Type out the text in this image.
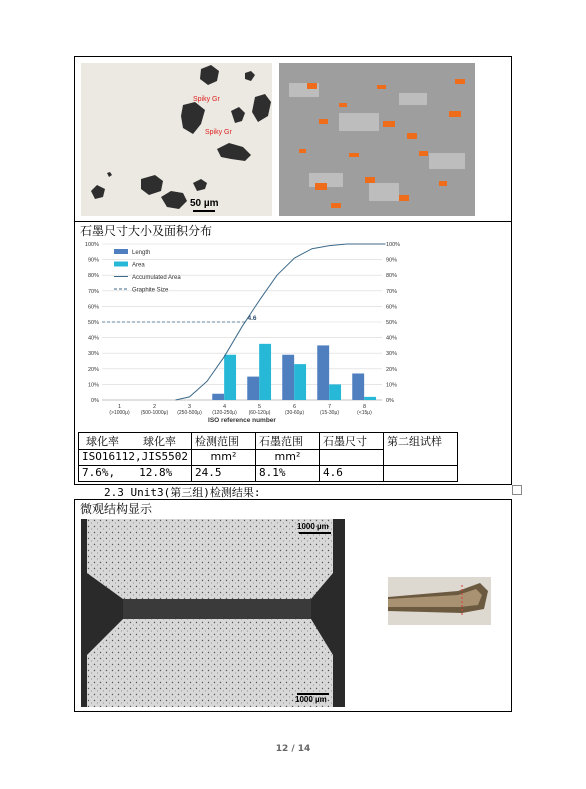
Spiky Gr
Spiky Gr
50 µm
石墨尺寸大小及面积分布
0%	0%
10%	10%
20%	20%
30%	30%
40%	40%
50%	50%
60%	60%
70%	70%
80%	80%
90%	90%
100%	100%
1
(>1000μ)
2
(500-1000μ)
3
(250-500μ)
4
(120-250μ)
5
(60-120μ)
6
(30-60μ)
7
(15-30μ)
8
(<15μ)
ISO reference number
4.6
Length
Area
Accumulated Area
Graphite Size
球化率 球化率	检测范围	石墨范围	石墨尺寸	第二组试样
ISO16112,JIS5502	mm²	mm²		
7.6%, 12.8%	24.5	8.1%	4.6	
2.3 Unit3(第三组)检测结果:
微观结构显示
1000 µm
1000 µm
12 / 14
